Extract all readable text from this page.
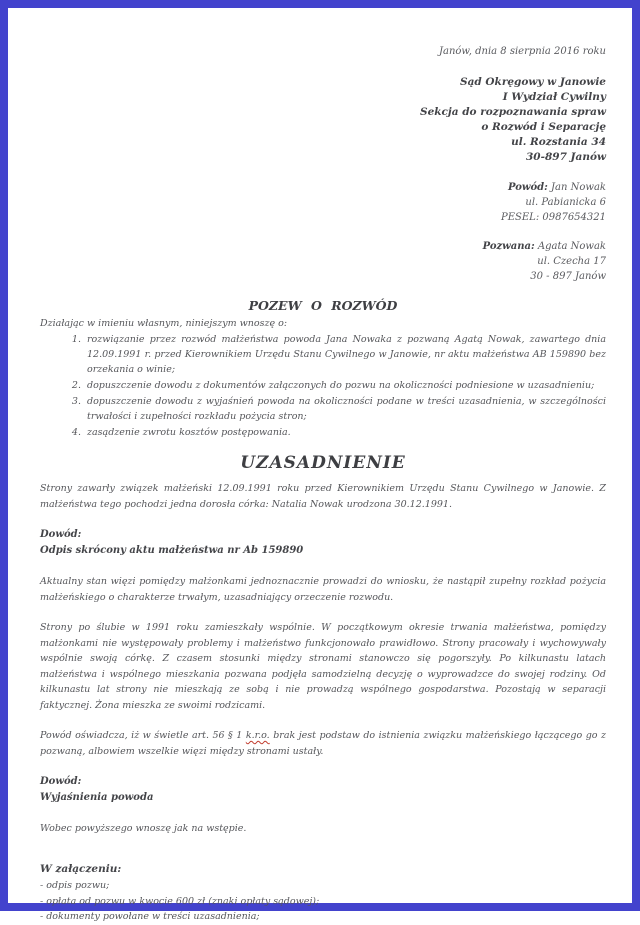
Janów, dnia 8 sierpnia 2016 roku
Sąd Okręgowy w Janowie
I Wydział Cywilny
Sekcja do rozpoznawania spraw
o Rozwód i Separację
ul. Rozstania 34
30-897 Janów
Powód: Jan Nowak
ul. Pabianicka 6
PESEL: 0987654321
Pozwana: Agata Nowak
ul. Czecha 17
30 - 897 Janów
POZEW O ROZWÓD
Działając w imieniu własnym, niniejszym wnoszę o:
1. rozwiązanie przez rozwód małżeństwa powoda Jana Nowaka z pozwaną Agatą Nowak, zawartego dnia 12.09.1991 r. przed Kierownikiem Urzędu Stanu Cywilnego w Janowie, nr aktu małżeństwa AB 159890 bez orzekania o winie;
2. dopuszczenie dowodu z dokumentów załączonych do pozwu na okoliczności podniesione w uzasadnieniu;
3. dopuszczenie dowodu z wyjaśnień powoda na okoliczności podane w treści uzasadnienia, w szczególności trwałości i zupełności rozkładu pożycia stron;
4. zasądzenie zwrotu kosztów postępowania.
UZASADNIENIE

Strony zawarły związek małżeński 12.09.1991 roku przed Kierownikiem Urzędu Stanu Cywilnego w Janowie. Z małżeństwa tego pochodzi jedna dorosła córka: Natalia Nowak urodzona 30.12.1991.

Dowód:
Odpis skrócony aktu małżeństwa nr Ab 159890

Aktualny stan więzi pomiędzy małżonkami jednoznacznie prowadzi do wniosku, że nastąpił zupełny rozkład pożycia małżeńskiego o charakterze trwałym, uzasadniający orzeczenie rozwodu.

Strony po ślubie w 1991 roku zamieszkały wspólnie. W początkowym okresie trwania małżeństwa, pomiędzy małżonkami nie występowały problemy i małżeństwo funkcjonowało prawidłowo. Strony pracowały i wychowywały wspólnie swoją córkę. Z czasem stosunki między stronami stanowczo się pogorszyły. Po kilkunastu latach małżeństwa i wspólnego mieszkania pozwana podjęła samodzielną decyzję o wyprowadzce do swojej rodziny. Od kilkunastu lat strony nie mieszkają ze sobą i nie prowadzą wspólnego gospodarstwa. Pozostają w separacji faktycznej. Żona mieszka ze swoimi rodzicami.

Powód oświadcza, iż w świetle art. 56 § 1 k.r.o. brak jest podstaw do istnienia związku małżeńskiego łączącego go z pozwaną, albowiem wszelkie więzi między stronami ustały.

Dowód:
Wyjaśnienia powoda

Wobec powyższego wnoszę jak na wstępie.

W załączeniu:
- odpis pozwu;
- opłata od pozwu w kwocie 600 zł (znaki opłaty sądowej);
- dokumenty powołane w treści uzasadnienia;
